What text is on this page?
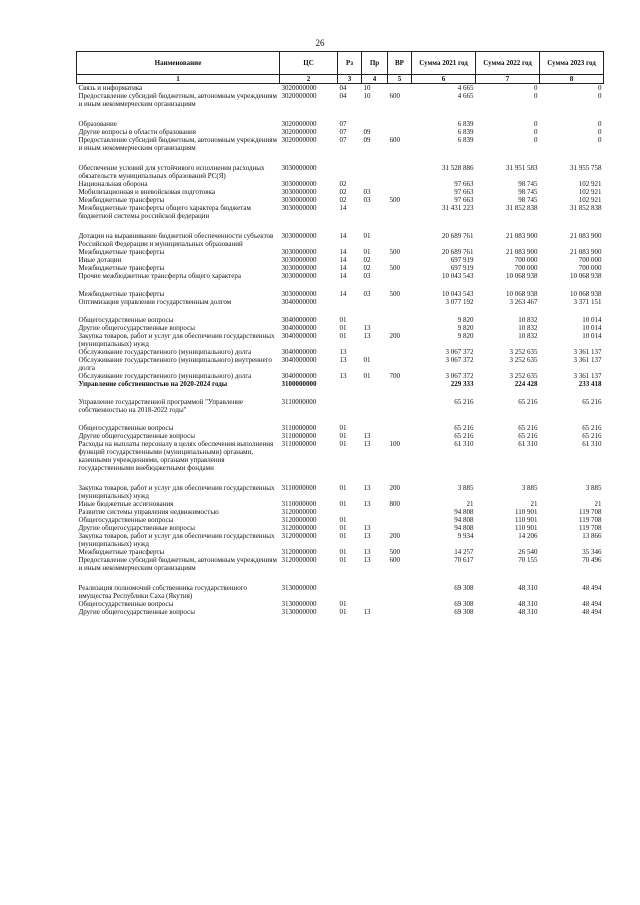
26
Наименование	ЦС	Рз	Пр	ВР	Сумма 2021 год	Сумма 2022 год	Сумма 2023 год
1	2	3	4	5	6	7	8
Связь и информатика	3020000000	04	10		4 665	0	0
Предоставление субсидий бюджетным, автономным учреждениям и иным некоммерческим организациям	3020000000	04	10	600	4 665	0	0

Образование	3020000000	07			6 839	0	0
Другие вопросы в области образования	3020000000	07	09		6 839	0	0
Предоставление субсидий бюджетным, автономным учреждениям и иным некоммерческим организациям	3020000000	07	09	600	6 839	0	0

Обеспечение условий для устойчивого исполнения расходных обязательств муниципальных образований РС(Я)	3030000000				31 528 886	31 951 583	31 955 758
Национальная оборона	3030000000	02			97 663	98 745	102 921
Мобилизационная и вневойсковая подготовка	3030000000	02	03		97 663	98 745	102 921
Межбюджетные трансферты	3030000000	02	03	500	97 663	98 745	102 921
Межбюджетные трансферты общего характера бюджетам бюджетной системы российской федерации	3030000000	14			31 431 223	31 852 838	31 852 838

Дотации на выравнивание бюджетной обеспеченности субъектов Российской Федерации и муниципальных образований	3030000000	14	01		20 689 761	21 083 900	21 083 900
Межбюджетные трансферты	3030000000	14	01	500	20 689 761	21 083 900	21 083 900
Иные дотации	3030000000	14	02		697 919	700 000	700 000
Межбюджетные трансферты	3030000000	14	02	500	697 919	700 000	700 000
Прочие межбюджетные трансферты общего характера	3030000000	14	03		10 043 543	10 068 938	10 068 938

Межбюджетные трансферты	3030000000	14	03	500	10 043 543	10 068 938	10 068 938
Оптимизация управления государственным долгом	3040000000				3 077 192	3 263 467	3 371 151

Общегосударственные вопросы	3040000000	01			9 820	10 832	10 014
Другие общегосударственные вопросы	3040000000	01	13		9 820	10 832	10 014
Закупка товаров, работ и услуг для обеспечения государственных (муниципальных) нужд	3040000000	01	13	200	9 820	10 832	10 014
Обслуживание государственного (муниципального) долга	3040000000	13			3 067 372	3 252 635	3 361 137
Обслуживание государственного (муниципального) внутреннего долга	3040000000	13	01		3 067 372	3 252 635	3 361 137
Обслуживание государственного (муниципального) долга	3040000000	13	01	700	3 067 372	3 252 635	3 361 137
Управление собственностью на 2020-2024 годы	3100000000				229 333	224 428	233 418

Управление государственной программой "Управление собственностью на 2018-2022 годы"	3110000000				65 216	65 216	65 216

Общегосударственные вопросы	3110000000	01			65 216	65 216	65 216
Другие общегосударственные вопросы	3110000000	01	13		65 216	65 216	65 216
Расходы на выплаты персоналу в целях обеспечения выполнения функций государственными (муниципальными) органами, казенными учреждениями, органами управления государственными внебюджетными фондами	3110000000	01	13	100	61 310	61 310	61 310

Закупка товаров, работ и услуг для обеспечения государственных (муниципальных) нужд	3110000000	01	13	200	3 885	3 885	3 885
Иные бюджетные ассигнования	3110000000	01	13	800	21	21	21
Развитие системы управления недвижимостью	3120000000				94 808	110 901	119 708
Общегосударственные вопросы	3120000000	01			94 808	110 901	119 708
Другие общегосударственные вопросы	3120000000	01	13		94 808	110 901	119 708
Закупка товаров, работ и услуг для обеспечения государственных (муниципальных) нужд	3120000000	01	13	200	9 934	14 206	13 866
Межбюджетные трансферты	3120000000	01	13	500	14 257	26 540	35 346
Предоставление субсидий бюджетным, автономным учреждениям и иным некоммерческим организациям	3120000000	01	13	600	70 617	70 155	70 496

Реализация полномочий собственника государственного имущества Республики Саха (Якутия)	3130000000				69 308	48 310	48 494
Общегосударственные вопросы	3130000000	01			69 308	48 310	48 494
Другие общегосударственные вопросы	3130000000	01	13		69 308	48 310	48 494
